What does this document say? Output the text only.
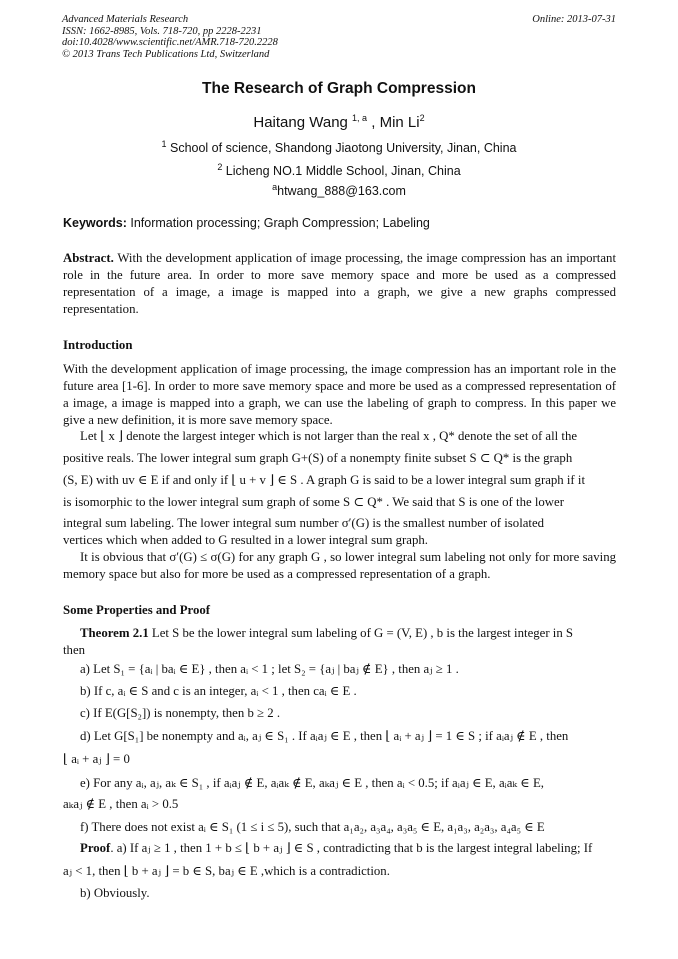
Advanced Materials Research
ISSN: 1662-8985, Vols. 718-720, pp 2228-2231
doi:10.4028/www.scientific.net/AMR.718-720.2228
© 2013 Trans Tech Publications Ltd, Switzerland
Online: 2013-07-31
The Research of Graph Compression
Haitang Wang $^{1, a}$ , Min Li$^2$
$^1$ School of science, Shandong Jiaotong University, Jinan, China
$^2$ Licheng NO.1 Middle School, Jinan, China
$^a$htwang_888@163.com
Keywords: Information processing; Graph Compression; Labeling
Abstract. With the development application of image processing, the image compression has an important role in the future area. In order to more save memory space and more be used as a compressed representation of a image, a image is mapped into a graph, we give a new graphs compressed representation.
Introduction
With the development application of image processing, the image compression has an important role in the future area [1-6]. In order to more save memory space and more be used as a compressed representation of a image, a image is mapped into a graph, we can use the labeling of graph to compress. In this paper we give a new definition, it is more save memory space.
Let ⌊ x ⌋ denote the largest integer which is not larger than the real x , Q* denote the set of all the
positive reals. The lower integral sum graph G+(S) of a nonempty finite subset S ⊂ Q* is the graph
(S, E) with uv ∈ E if and only if ⌊ u + v ⌋ ∈ S . A graph G is said to be a lower integral sum graph if it
is isomorphic to the lower integral sum graph of some S ⊂ Q* . We said that S is one of the lower
integral sum labeling. The lower integral sum number σ′(G) is the smallest number of isolated
vertices which when added to G resulted in a lower integral sum graph.
It is obvious that σ′(G) ≤ σ(G) for any graph G , so lower integral sum labeling not only for more saving memory space but also for more be used as a compressed representation of a graph.
Some Properties and Proof
Theorem 2.1 Let S be the lower integral sum labeling of G = (V, E) , b is the largest integer in S
then
a) Let S₁ = {aᵢ | baᵢ ∈ E} , then aᵢ < 1 ; let S₂ = {aⱼ | baⱼ ∉ E} , then aⱼ ≥ 1 .
b) If c, aᵢ ∈ S and c is an integer, aᵢ < 1 , then caᵢ ∈ E .
c) If E(G[S₂]) is nonempty, then b ≥ 2 .
d) Let G[S₁] be nonempty and aᵢ, aⱼ ∈ S₁ . If aᵢaⱼ ∈ E , then ⌊ aᵢ + aⱼ ⌋ = 1 ∈ S ; if aᵢaⱼ ∉ E , then
⌊ aᵢ + aⱼ ⌋ = 0
e) For any aᵢ, aⱼ, aₖ ∈ S₁ , if aᵢaⱼ ∉ E, aᵢaₖ ∉ E, aₖaⱼ ∈ E , then aᵢ < 0.5; if aᵢaⱼ ∈ E, aᵢaₖ ∈ E,
aₖaⱼ ∉ E , then aᵢ > 0.5
f) There does not exist aᵢ ∈ S₁ (1 ≤ i ≤ 5), such that a₁a₂, a₃a₄, a₃a₅ ∈ E, a₁a₃, a₂a₃, a₄a₅ ∈ E
Proof. a) If aⱼ ≥ 1 , then 1 + b ≤ ⌊ b + aⱼ ⌋ ∈ S , contradicting that b is the largest integral labeling; If
aⱼ < 1, then ⌊ b + aⱼ ⌋ = b ∈ S, baⱼ ∈ E ,which is a contradiction.
b) Obviously.
